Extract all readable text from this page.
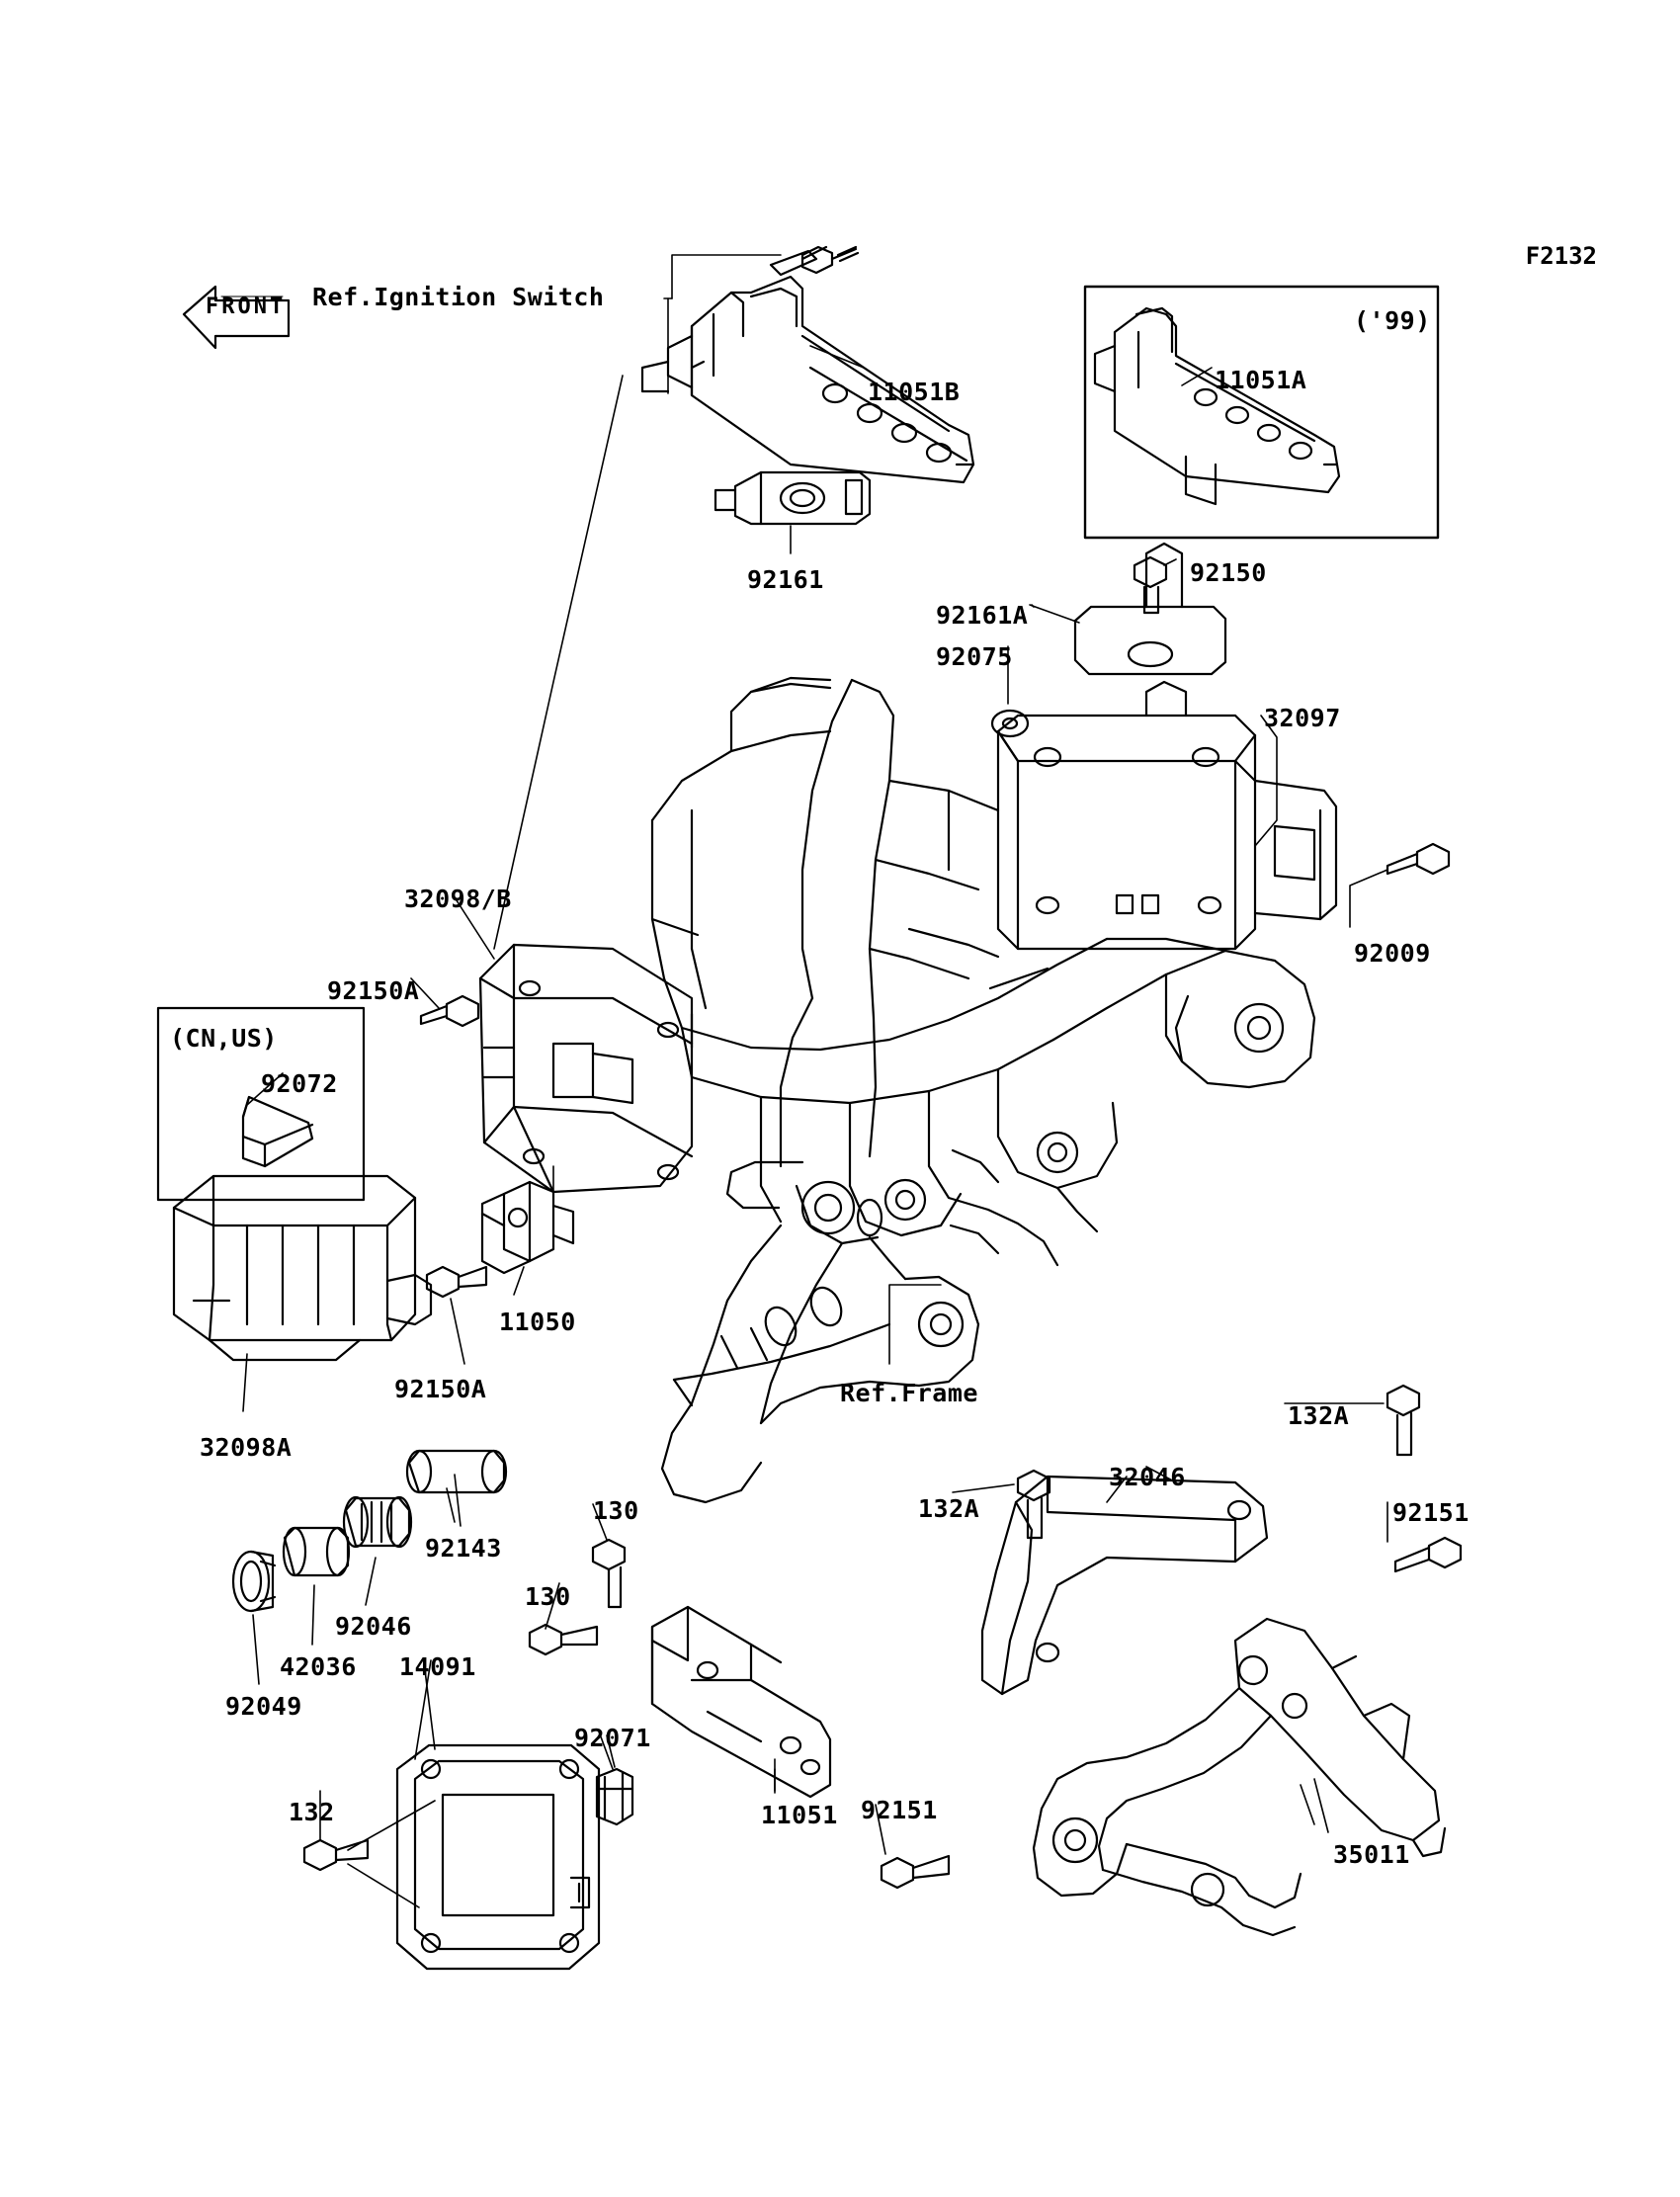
FRONT
F2132
Ref.Ignition Switch
('99)
(CN,US)
Ref.Frame
11051B	11051A
92161	92150
92161A
92075
32097
92009
32098/B
92150A
92072
11050
92150A
32098A
132A
32046
132A	92151
92143
130
130
92046
42036
92049
14091
92071
11051 92151
132
35011
